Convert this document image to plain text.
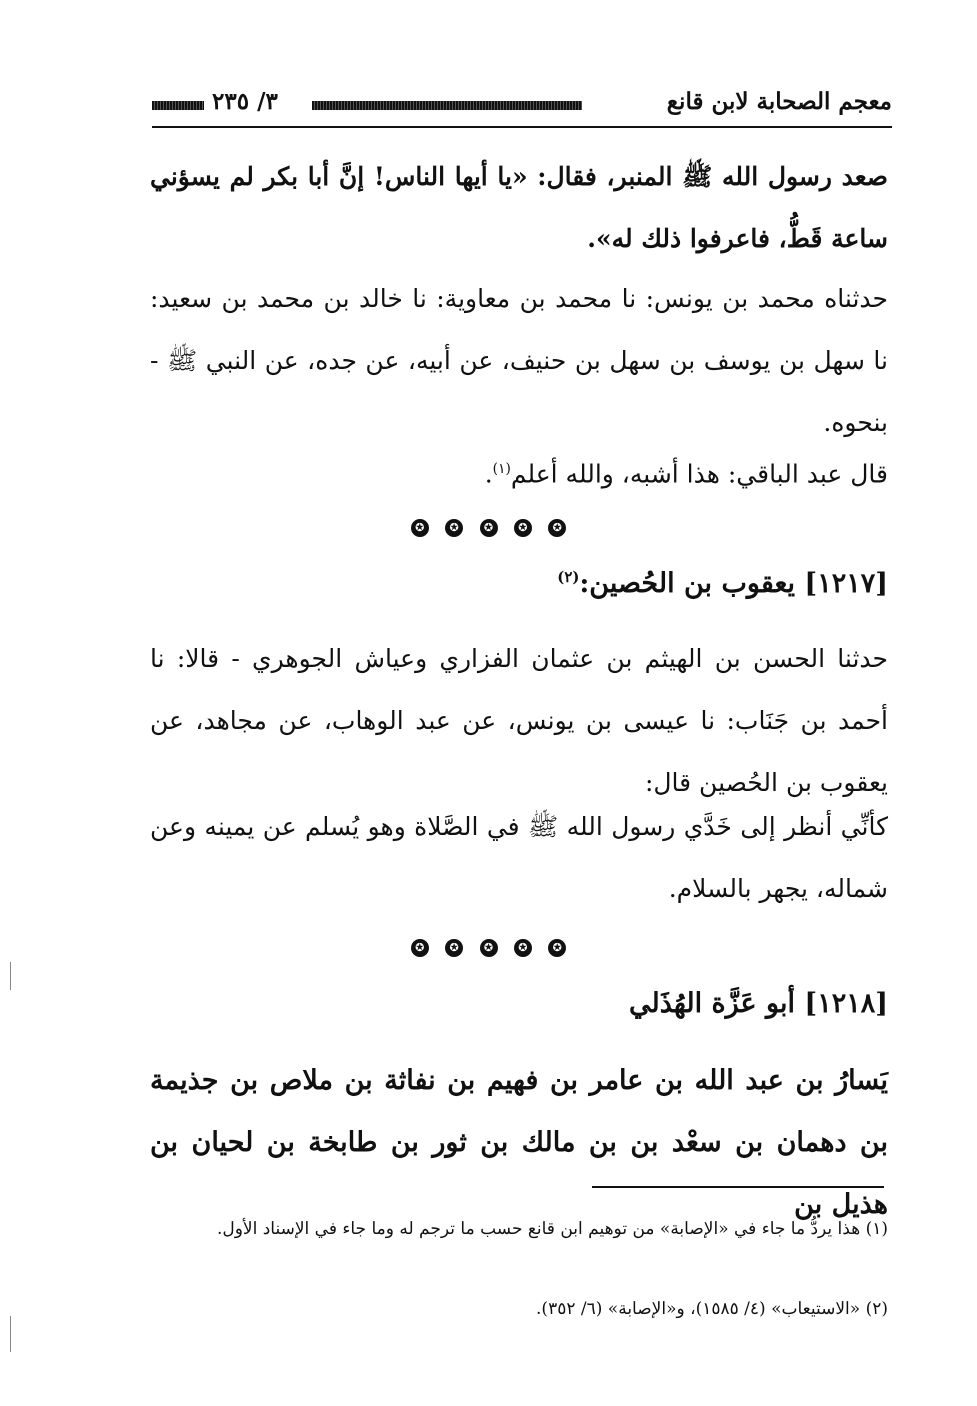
٣/ ٢٣٥	معجم الصحابة لابن قانع

صعد رسول الله ﷺ المنبر، فقال: «يا أيها الناس! إنَّ أبا بكر لم يسؤني ساعة قَطُّ، فاعرفوا ذلك له».

حدثناه محمد بن يونس: نا محمد بن معاوية: نا خالد بن محمد بن سعيد: نا سهل بن يوسف بن سهل بن حنيف، عن أبيه، عن جده، عن النبي ﷺ - بنحوه.

قال عبد الباقي: هذا أشبه، والله أعلم$^{(١)}$.

✪ ✪ ✪ ✪ ✪

[١٢١٧] يعقوب بن الحُصين:$^{(٢)}$

حدثنا الحسن بن الهيثم بن عثمان الفزاري وعياش الجوهري - قالا: نا أحمد بن جَنَاب: نا عيسى بن يونس، عن عبد الوهاب، عن مجاهد، عن يعقوب بن الحُصين قال:

كأنِّي أنظر إلى خَدَّي رسول الله ﷺ في الصَّلاة وهو يُسلم عن يمينه وعن شماله، يجهر بالسلام.

✪ ✪ ✪ ✪ ✪

[١٢١٨] أبو عَزَّة الهُذَلي

يَسارُ بن عبد الله بن عامر بن فهيم بن نفاثة بن ملاص بن جذيمة بن دهمان بن سعْد بن بن مالك بن ثور بن طابخة بن لحيان بن هذيل بن

(١) هذا يردُّ ما جاء في «الإصابة» من توهيم ابن قانع حسب ما ترجم له وما جاء في الإسناد الأول.

(٢) «الاستيعاب» (٤/ ١٥٨٥)، و«الإصابة» (٦/ ٣٥٢).
